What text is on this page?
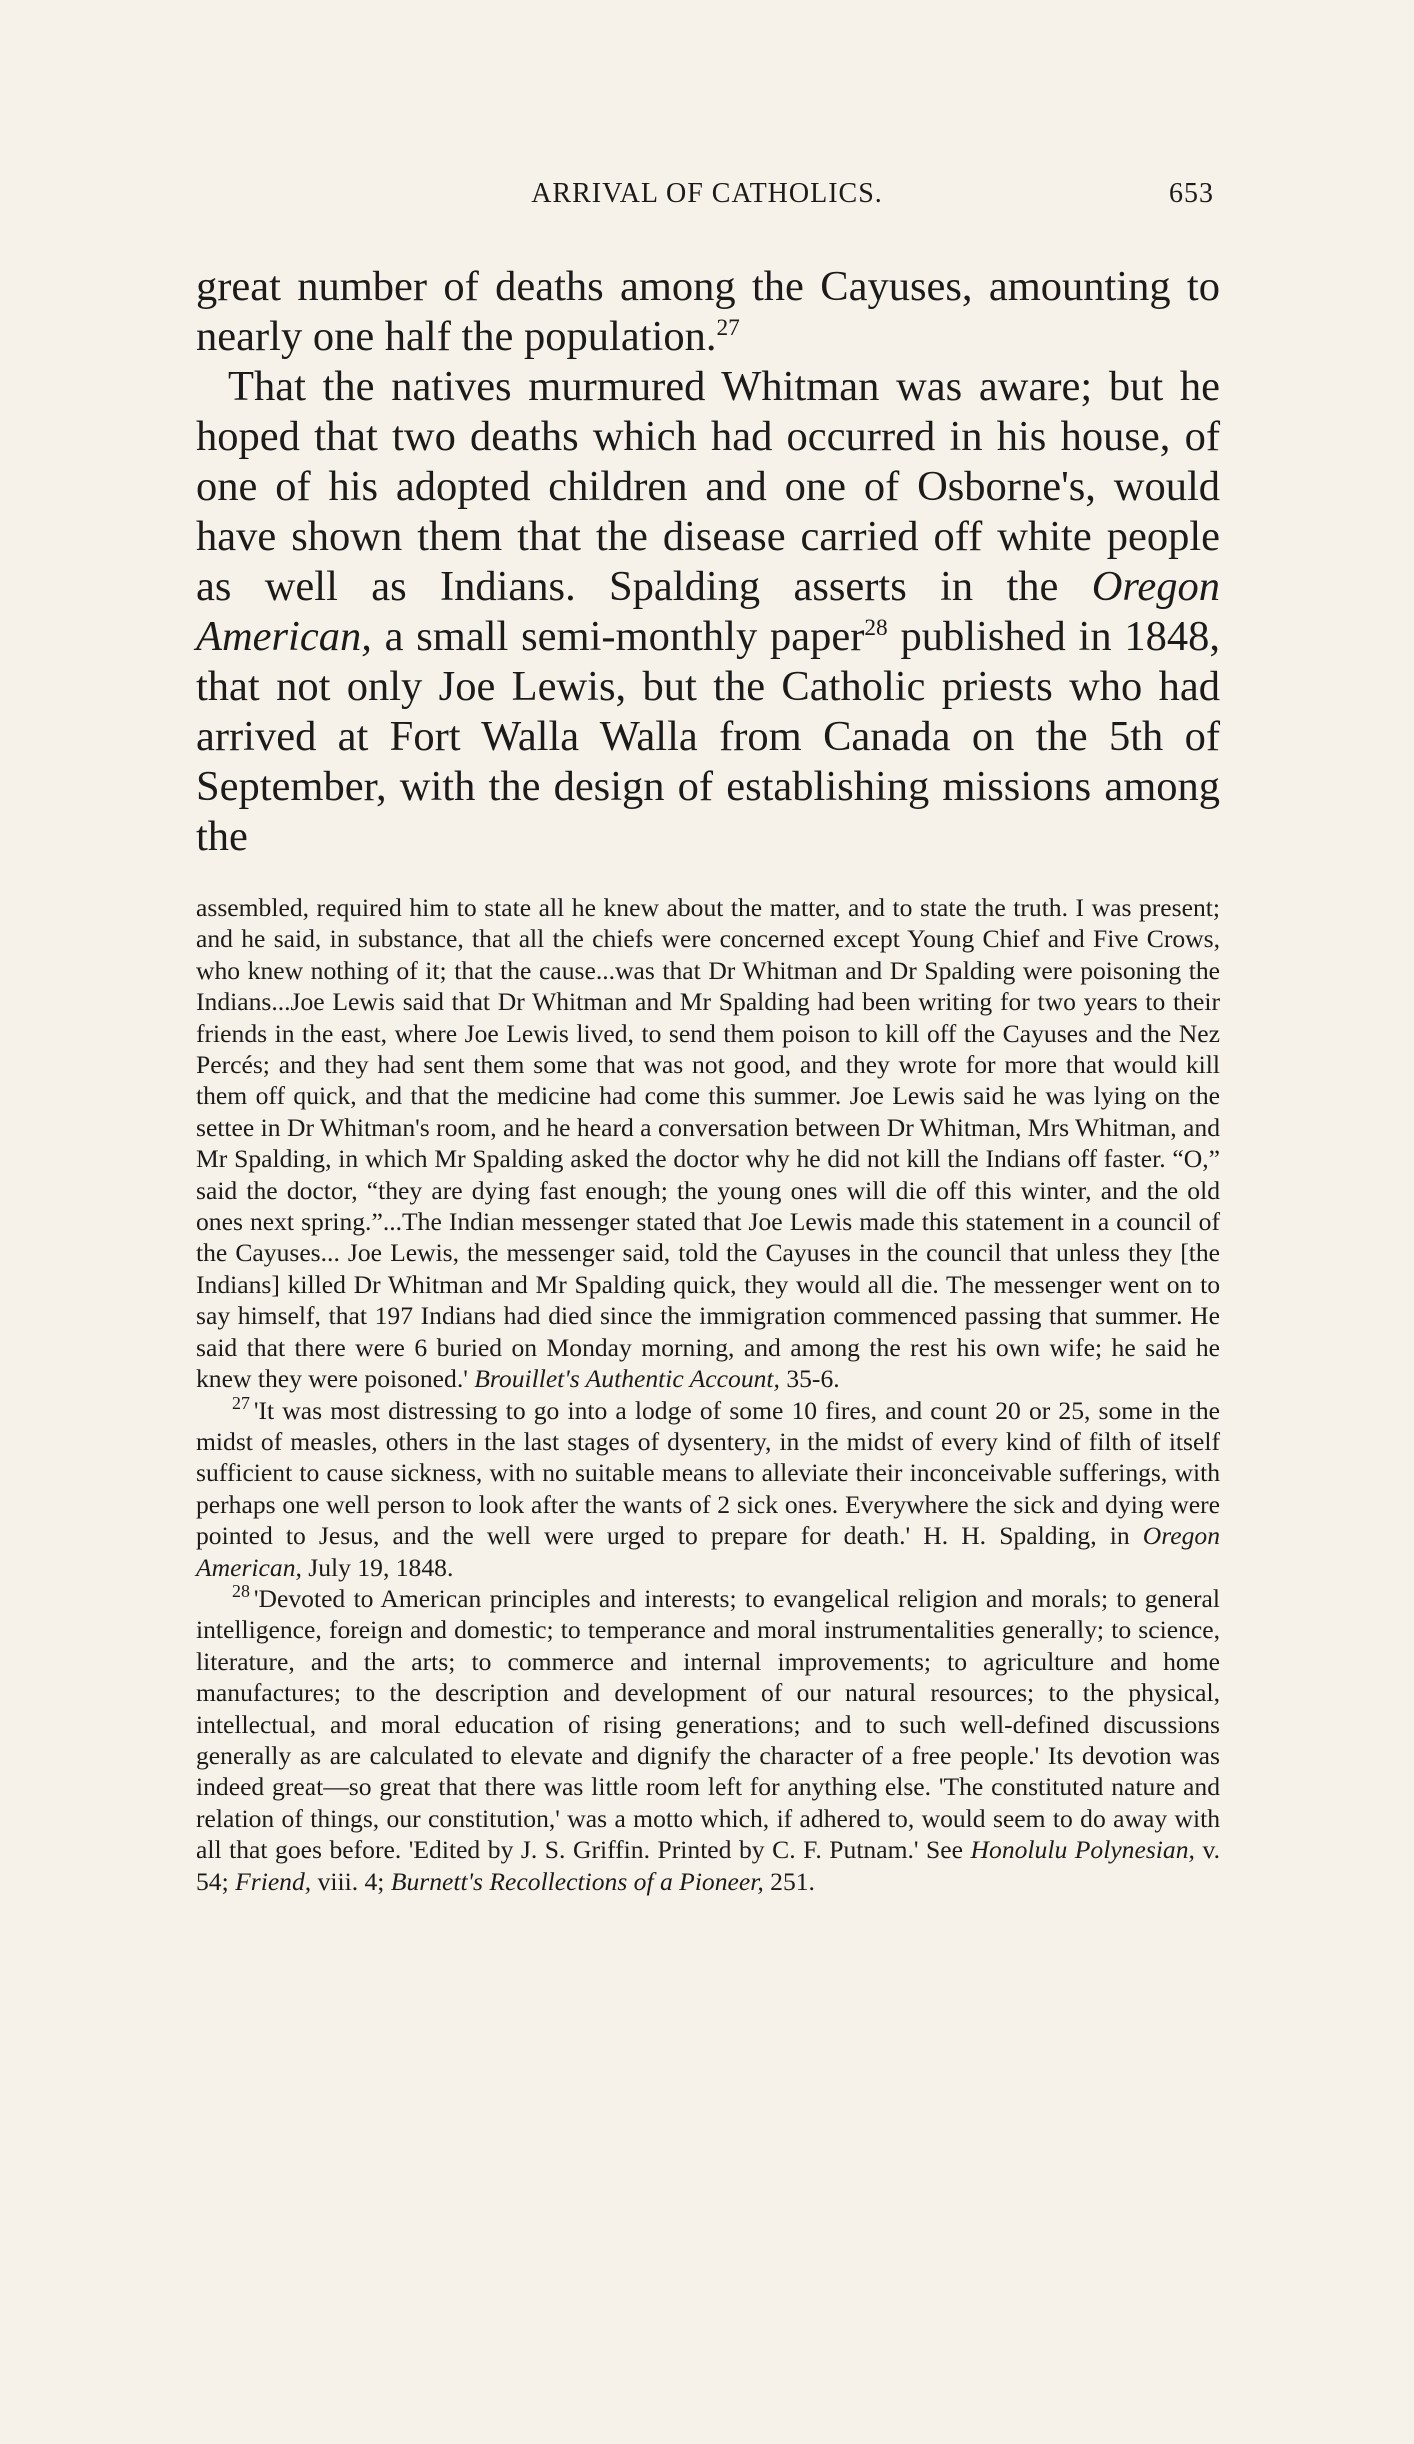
ARRIVAL OF CATHOLICS.	653

great number of deaths among the Cayuses, amounting to nearly one half the population.$^{27}$

That the natives murmured Whitman was aware; but he hoped that two deaths which had occurred in his house, of one of his adopted children and one of Osborne's, would have shown them that the disease carried off white people as well as Indians. Spalding asserts in the Oregon American, a small semi-monthly paper$^{28}$ published in 1848, that not only Joe Lewis, but the Catholic priests who had arrived at Fort Walla Walla from Canada on the 5th of September, with the design of establishing missions among the

assembled, required him to state all he knew about the matter, and to state the truth. I was present; and he said, in substance, that all the chiefs were concerned except Young Chief and Five Crows, who knew nothing of it; that the cause...was that Dr Whitman and Dr Spalding were poisoning the Indians...Joe Lewis said that Dr Whitman and Mr Spalding had been writing for two years to their friends in the east, where Joe Lewis lived, to send them poison to kill off the Cayuses and the Nez Percés; and they had sent them some that was not good, and they wrote for more that would kill them off quick, and that the medicine had come this summer. Joe Lewis said he was lying on the settee in Dr Whitman's room, and he heard a conversation between Dr Whitman, Mrs Whitman, and Mr Spalding, in which Mr Spalding asked the doctor why he did not kill the Indians off faster. “O,” said the doctor, “they are dying fast enough; the young ones will die off this winter, and the old ones next spring.”...The Indian messenger stated that Joe Lewis made this statement in a council of the Cayuses... Joe Lewis, the messenger said, told the Cayuses in the council that unless they [the Indians] killed Dr Whitman and Mr Spalding quick, they would all die. The messenger went on to say himself, that 197 Indians had died since the immigration commenced passing that summer. He said that there were 6 buried on Monday morning, and among the rest his own wife; he said he knew they were poisoned.' Brouillet's Authentic Account, 35-6.

$^{27}$ 'It was most distressing to go into a lodge of some 10 fires, and count 20 or 25, some in the midst of measles, others in the last stages of dysentery, in the midst of every kind of filth of itself sufficient to cause sickness, with no suitable means to alleviate their inconceivable sufferings, with perhaps one well person to look after the wants of 2 sick ones. Everywhere the sick and dying were pointed to Jesus, and the well were urged to prepare for death.' H. H. Spalding, in Oregon American, July 19, 1848.

$^{28}$ 'Devoted to American principles and interests; to evangelical religion and morals; to general intelligence, foreign and domestic; to temperance and moral instrumentalities generally; to science, literature, and the arts; to commerce and internal improvements; to agriculture and home manufactures; to the description and development of our natural resources; to the physical, intellectual, and moral education of rising generations; and to such well-defined discussions generally as are calculated to elevate and dignify the character of a free people.' Its devotion was indeed great—so great that there was little room left for anything else. 'The constituted nature and relation of things, our constitution,' was a motto which, if adhered to, would seem to do away with all that goes before. 'Edited by J. S. Griffin. Printed by C. F. Putnam.' See Honolulu Polynesian, v. 54; Friend, viii. 4; Burnett's Recollections of a Pioneer, 251.
